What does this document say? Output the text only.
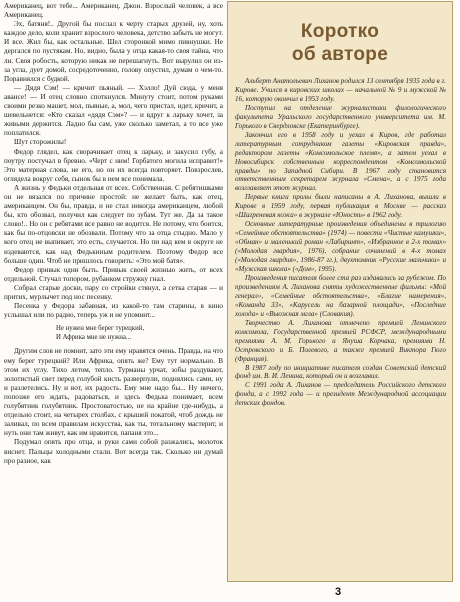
Американец, вот тебе... Американец. Джон. Взрослый человек, а все Американец.

Эх, батяня!.. Другой бы послал к черту старых друзей, ну, хоть каждое дело, коли хранит взрослого человека, детство забыть не могут. И все. Жил бы, как остальные. Шел сторонкой мимо пивнушки. Не дергался по пустякам. Но, видно, была у отца какая-то своя тайна, что ли. Своя робость, которую никак не перешагнуть. Вот вырулил он из-за угла, дует домой, сосредоточенно, голову опустил, думам о чем-то. Поравнялся с будкой.

— Дядя Сэм! — кричит пьяный. — Хэлло! Дуй сюда, у меня авансе! — И отец словно споткнулся. Минуту стоит, потом руками своими резко машет, мол, пьяные, а, мол, чего пристал, идет, кричит, а шевельнется: «Кто сказал «дядя Сэм»? — и вдруг к ларьку хочет, за живыми держится. Ладно бы сам, уже сколько заметал, а то все уже поплатился.

Шут сторожилы!

Федор глядел, как сворачивает отец к ларьку, и закусил губу, а поутру постучал в бревно. «Черт с ним! Горбатого могила исправит!» Это матерная слова, не его, но он их всегда повторяет. Повзрослев, оглядела вокруг себя, сынок бы в нем все понимала.

А жизнь у Федьки отдельная от всех. Собственная. С ребятишками он не вязался по причине простой: не желает быть, как отец, американцем. Он бы, правда, и не стал никогда американцем, любой бы, кто обозвал, получил как следует по зубам. Тут же. Да за такое слово!.. Но он с ребятами все равно не водится. Не потому, что боится, как бы по-отцовски не обозвали. Потому что за отца стыдно. Мало у кого отец не выпивает, это есть, случается. Но пи над кем в округе не издеваются, как над Федькиным родителем. Поэтому Федор все больше один. Чтоб не пришлось говорить: «Это мой батя».

Федор привык одни быть. Привык своей жизнью жить, от всех отдельной. Стучал топором, рубанком стружку гнал.

Собрал старые доски, пару со стройки стянул, а сетка старая — и притих, мурлычет под нос песенку.

Песенка у Федора забавная, из какой-то там старины, в кино услышал или по радио, теперь уж и не упомнит...

Не нужен мне берег турецкий,

И Африка мне не нужна...

Другим слов не помнит, зато эти ему нравятся очень. Правда, на что ему берег турецкий? Или Африка, опять же? Ему тут нормально. В этом их углу. Тихо летом, тепло. Турманы урчат, зобы раздувают, золотистый свет перед голубой кисть разверпули, поднялись сами, ну и разлетелись. Ну и вот, их радость. Ему мне надо бы... Ну ничего, попозже его ждать, радоваться, и здесь Федька понимает, всем голубятник голубятник. Простоватостью, не на крайне где-нибудь, а отдельно стоит, на четырех столбах, с крышей покатой, чтоб дождь не заливал, по всем правилам искусства, как ты, тотальному мастерит, и нуть они там живут, как им нравится, папаня это...

Подумал опять про отца, и руки сами собой разжались, молоток виснет. Пальцы холодными стали. Вот всегда так. Сколько ни думай про разное, как

Коротко
об авторе

Альберт Анатольевич Лиханов родился 13 сентября 1935 года в г. Кирове. Учился в кировских школах — начальной № 9 и мужской № 16, которую окончил в 1953 году.

Поступил на отделение журналистики филологического факультета Уральского государственного университета им. М. Горького в Свердловске (Екатеринбурге).

Закончил его в 1958 году и уехал в Киров, где работал литературным сотрудником газеты «Кировская правда», редактором газеты «Комсомольское племя», а затем уехал в Новосибирск собственным корреспондентом «Комсомольской правды» по Западной Сибири. В 1967 году становится ответственным секретарем журнала «Смена», а с 1975 года возглавляет этот журнал.

Первые книги пролы были написаны в А. Лиханова, вышли в Кирове в 1959 году, первая публикация в Москве — рассказ «Шагреневая кожа» в журнале «Юность» в 1962 году.

Основные литературные произведения объединены в трилогию «Семейные обстоятельства» (1974) — повести «Чистые камушки», «Обман» и маленький роман «Лабиринт», «Избранное в 2-х томах» («Молодая гвардия», 1976), собрание сочинений в 4-х томах («Молодая гвардия», 1986-87 гг.), двухтомник «Русские мальчики» и «Мужская школа» («Дом», 1995).

Произведения писателя более ста раз издавались за рубежом. По произведениям А. Лиханова сняты художественные фильмы: «Мой генерал», «Семейные обстоятельства», «Благие намерения», «Команда 33», «Карусель на базарной площади», «Последние холода» и «Вьюжная мгла» (Словакия).

Творчество А. Лиханова отмечено премией Ленинского комсомола, Государственной премией РСФСР, международными премиями А. М. Горького и Януша Корчака, премиями Н. Островского и Б. Полевого, а также премией Виктора Гюго (Франция).

В 1987 году по инициативе писателя создан Советский детский фонд им. В. И. Ленина, который он и возглавил.

С 1991 года А. Лиханов — председатель Российского детского фонда, а с 1992 года — и президент Международной ассоциации детских фондов.

3
